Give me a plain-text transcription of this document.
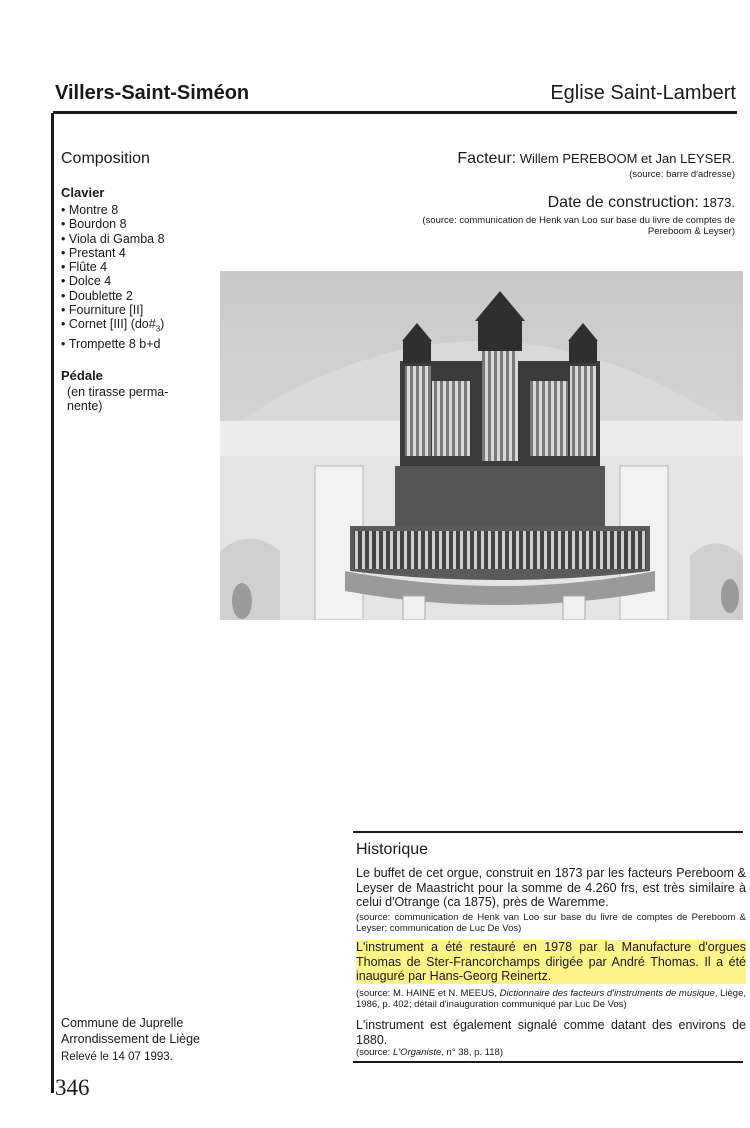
Villers-Saint-Siméon	Eglise Saint-Lambert
Composition
Clavier
• Montre 8
• Bourdon 8
• Viola di Gamba 8
• Prestant 4
• Flûte 4
• Dolce 4
• Doublette 2
• Fourniture [II]
• Cornet [III] $(do\#_3)$
• Trompette 8 b+d
Pédale
(en tirasse perma- nente)
Facteur: Willem PEREBOOM et Jan LEYSER.
(source: barre d'adresse)
Date de construction: 1873.
(source: communication de Henk van Loo sur base du livre de comptes de Pereboom & Leyser)
Historique
Le buffet de cet orgue, construit en 1873 par les facteurs Pereboom & Leyser de Maastricht pour la somme de 4.260 frs, est très similaire à celui d'Otrange (ca 1875), près de Waremme.
(source: communication de Henk van Loo sur base du livre de comptes de Pereboom & Leyser; communication de Luc De Vos)
L'instrument a été restauré en 1978 par la Manufacture d'orgues Thomas de Ster-Francorchamps dirigée par André Thomas. Il a été inauguré par Hans-Georg Reinertz.
(source: M. HAINE et N. MEEUS, Dictionnaire des facteurs d'instruments de musique, Liège, 1986, p. 402; détail d'inauguration communiqué par Luc De Vos)
L'instrument est également signalé comme datant des environs de 1880.
(source: L'Organiste, n° 38, p. 118)
Commune de Juprelle
Arrondissement de Liège
Relevé le 14 07 1993.
346
